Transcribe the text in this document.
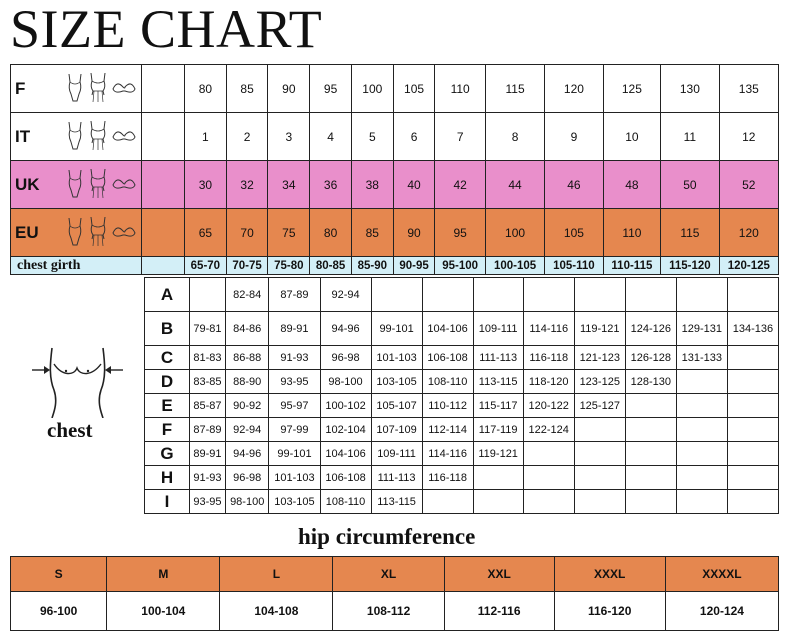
SIZE CHART
F			80	85	90	95	100	105	110	115	120	125	130	135
IT			1	2	3	4	5	6	7	8	9	10	11	12
UK			30	32	34	36	38	40	42	44	46	48	50	52
EU			65	70	75	80	85	90	95	100	105	110	115	120
chest girth			65-70	70-75	75-80	80-85	85-90	90-95	95-100	100-105	105-110	110-115	115-120	120-125
A		82-84	87-89	92-94								
B	79-81	84-86	89-91	94-96	99-101	104-106	109-111	114-116	119-121	124-126	129-131	134-136
C	81-83	86-88	91-93	96-98	101-103	106-108	111-113	116-118	121-123	126-128	131-133	
D	83-85	88-90	93-95	98-100	103-105	108-110	113-115	118-120	123-125	128-130		
E	85-87	90-92	95-97	100-102	105-107	110-112	115-117	120-122	125-127			
F	87-89	92-94	97-99	102-104	107-109	112-114	117-119	122-124				
G	89-91	94-96	99-101	104-106	109-111	114-116	119-121					
H	91-93	96-98	101-103	106-108	111-113	116-118						
I	93-95	98-100	103-105	108-110	113-115							
chest
hip circumference
S	M	L	XL	XXL	XXXL	XXXXL
96-100	100-104	104-108	108-112	112-116	116-120	120-124
